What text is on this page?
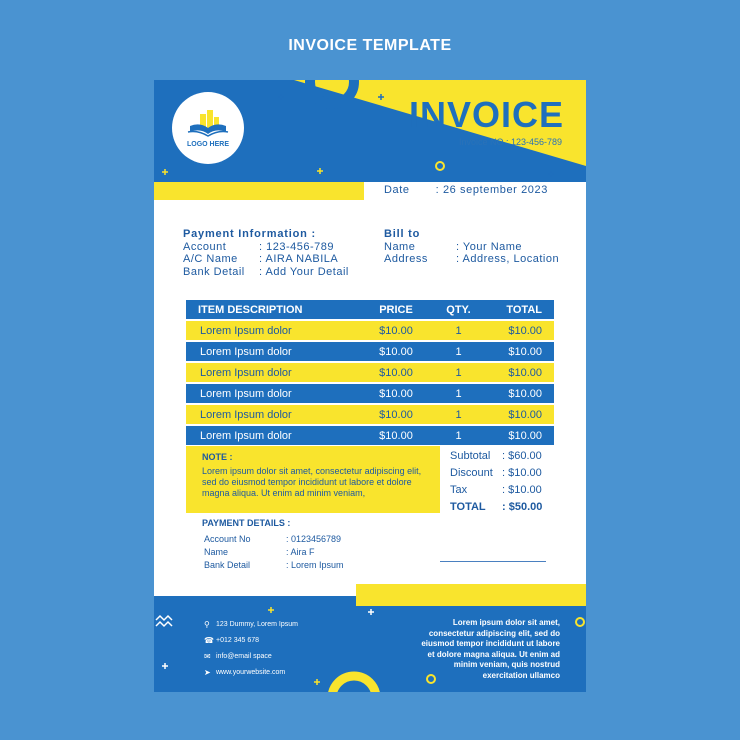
INVOICE TEMPLATE
LOGO HERE
INVOICE
Invoice NO : 123-456-789
Date : 26 september 2023
Payment Information :
Account	: 123-456-789
A/C Name	: AIRA NABILA
Bank Detail	: Add Your Detail
Bill to
Name	: Your Name
Address	: Address, Location
ITEM DESCRIPTION	PRICE	QTY.	TOTAL
Lorem Ipsum dolor	$10.00	1	$10.00
Lorem Ipsum dolor	$10.00	1	$10.00
Lorem Ipsum dolor	$10.00	1	$10.00
Lorem Ipsum dolor	$10.00	1	$10.00
Lorem Ipsum dolor	$10.00	1	$10.00
Lorem Ipsum dolor	$10.00	1	$10.00
NOTE :
Lorem ipsum dolor sit amet, consectetur adipiscing elit, sed do eiusmod tempor incididunt ut labore et dolore magna aliqua. Ut enim ad minim veniam,
Subtotal	: $60.00
Discount	: $10.00
Tax	: $10.00
TOTAL	: $50.00
PAYMENT DETAILS :
Account No	: 0123456789
Name	: Aira F
Bank Detail	: Lorem Ipsum
⚲ 123 Dummy, Lorem Ipsum
☎ +012 345 678
✉ info@email space
➤ www.yourwebsite.com
Lorem ipsum dolor sit amet, consectetur adipiscing elit, sed do eiusmod tempor incididunt ut labore et dolore magna aliqua. Ut enim ad minim veniam, quis nostrud exercitation ullamco
